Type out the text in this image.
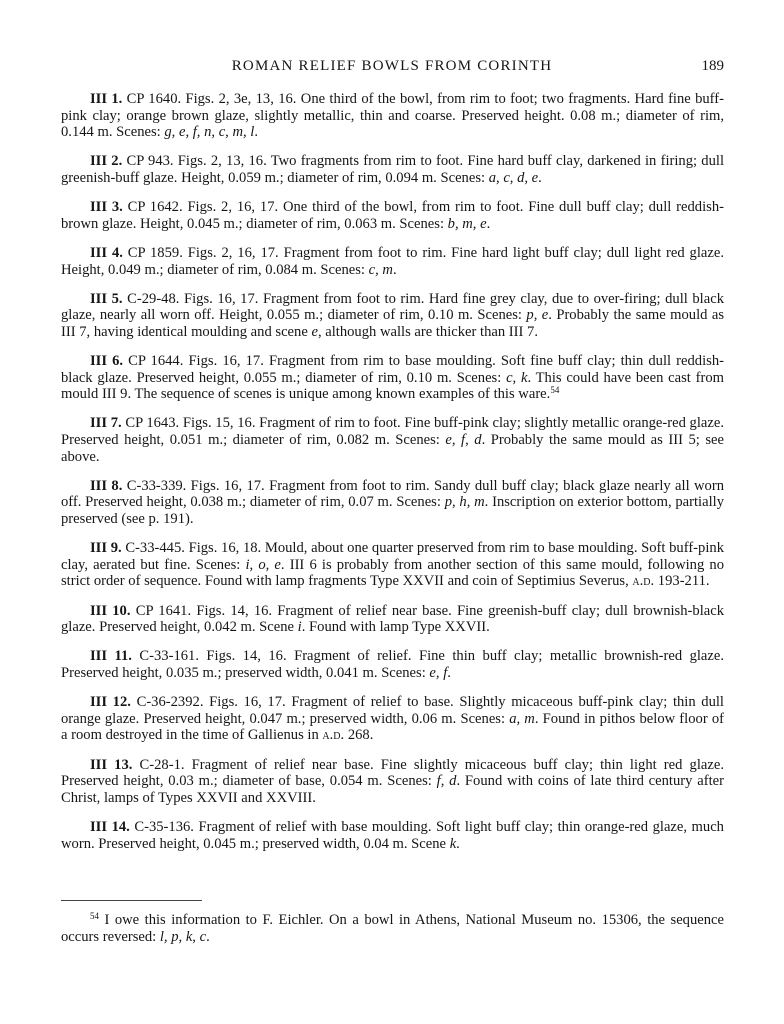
ROMAN RELIEF BOWLS FROM CORINTH	189

III 1. CP 1640. Figs. 2, 3e, 13, 16. One third of the bowl, from rim to foot; two fragments. Hard fine buff-pink clay; orange brown glaze, slightly metallic, thin and coarse. Preserved height. 0.08 m.; diameter of rim, 0.144 m. Scenes: g, e, f, n, c, m, l.

III 2. CP 943. Figs. 2, 13, 16. Two fragments from rim to foot. Fine hard buff clay, darkened in firing; dull greenish-buff glaze. Height, 0.059 m.; diameter of rim, 0.094 m. Scenes: a, c, d, e.

III 3. CP 1642. Figs. 2, 16, 17. One third of the bowl, from rim to foot. Fine dull buff clay; dull reddish-brown glaze. Height, 0.045 m.; diameter of rim, 0.063 m. Scenes: b, m, e.

III 4. CP 1859. Figs. 2, 16, 17. Fragment from foot to rim. Fine hard light buff clay; dull light red glaze. Height, 0.049 m.; diameter of rim, 0.084 m. Scenes: c, m.

III 5. C-29-48. Figs. 16, 17. Fragment from foot to rim. Hard fine grey clay, due to over-firing; dull black glaze, nearly all worn off. Height, 0.055 m.; diameter of rim, 0.10 m. Scenes: p, e. Probably the same mould as III 7, having identical moulding and scene e, although walls are thicker than III 7.

III 6. CP 1644. Figs. 16, 17. Fragment from rim to base moulding. Soft fine buff clay; thin dull reddish-black glaze. Preserved height, 0.055 m.; diameter of rim, 0.10 m. Scenes: c, k. This could have been cast from mould III 9. The sequence of scenes is unique among known examples of this ware.$^{54}$

III 7. CP 1643. Figs. 15, 16. Fragment of rim to foot. Fine buff-pink clay; slightly metallic orange-red glaze. Preserved height, 0.051 m.; diameter of rim, 0.082 m. Scenes: e, f, d. Probably the same mould as III 5; see above.

III 8. C-33-339. Figs. 16, 17. Fragment from foot to rim. Sandy dull buff clay; black glaze nearly all worn off. Preserved height, 0.038 m.; diameter of rim, 0.07 m. Scenes: p, h, m. Inscription on exterior bottom, partially preserved (see p. 191).

III 9. C-33-445. Figs. 16, 18. Mould, about one quarter preserved from rim to base moulding. Soft buff-pink clay, aerated but fine. Scenes: i, o, e. III 6 is probably from another section of this same mould, following no strict order of sequence. Found with lamp fragments Type XXVII and coin of Septimius Severus, a.d. 193-211.

III 10. CP 1641. Figs. 14, 16. Fragment of relief near base. Fine greenish-buff clay; dull brownish-black glaze. Preserved height, 0.042 m. Scene i. Found with lamp Type XXVII.

III 11. C-33-161. Figs. 14, 16. Fragment of relief. Fine thin buff clay; metallic brownish-red glaze. Preserved height, 0.035 m.; preserved width, 0.041 m. Scenes: e, f.

III 12. C-36-2392. Figs. 16, 17. Fragment of relief to base. Slightly micaceous buff-pink clay; thin dull orange glaze. Preserved height, 0.047 m.; preserved width, 0.06 m. Scenes: a, m. Found in pithos below floor of a room destroyed in the time of Gallienus in a.d. 268.

III 13. C-28-1. Fragment of relief near base. Fine slightly micaceous buff clay; thin light red glaze. Preserved height, 0.03 m.; diameter of base, 0.054 m. Scenes: f, d. Found with coins of late third century after Christ, lamps of Types XXVII and XXVIII.

III 14. C-35-136. Fragment of relief with base moulding. Soft light buff clay; thin orange-red glaze, much worn. Preserved height, 0.045 m.; preserved width, 0.04 m. Scene k.

$^{54}$ I owe this information to F. Eichler. On a bowl in Athens, National Museum no. 15306, the sequence occurs reversed: l, p, k, c.
